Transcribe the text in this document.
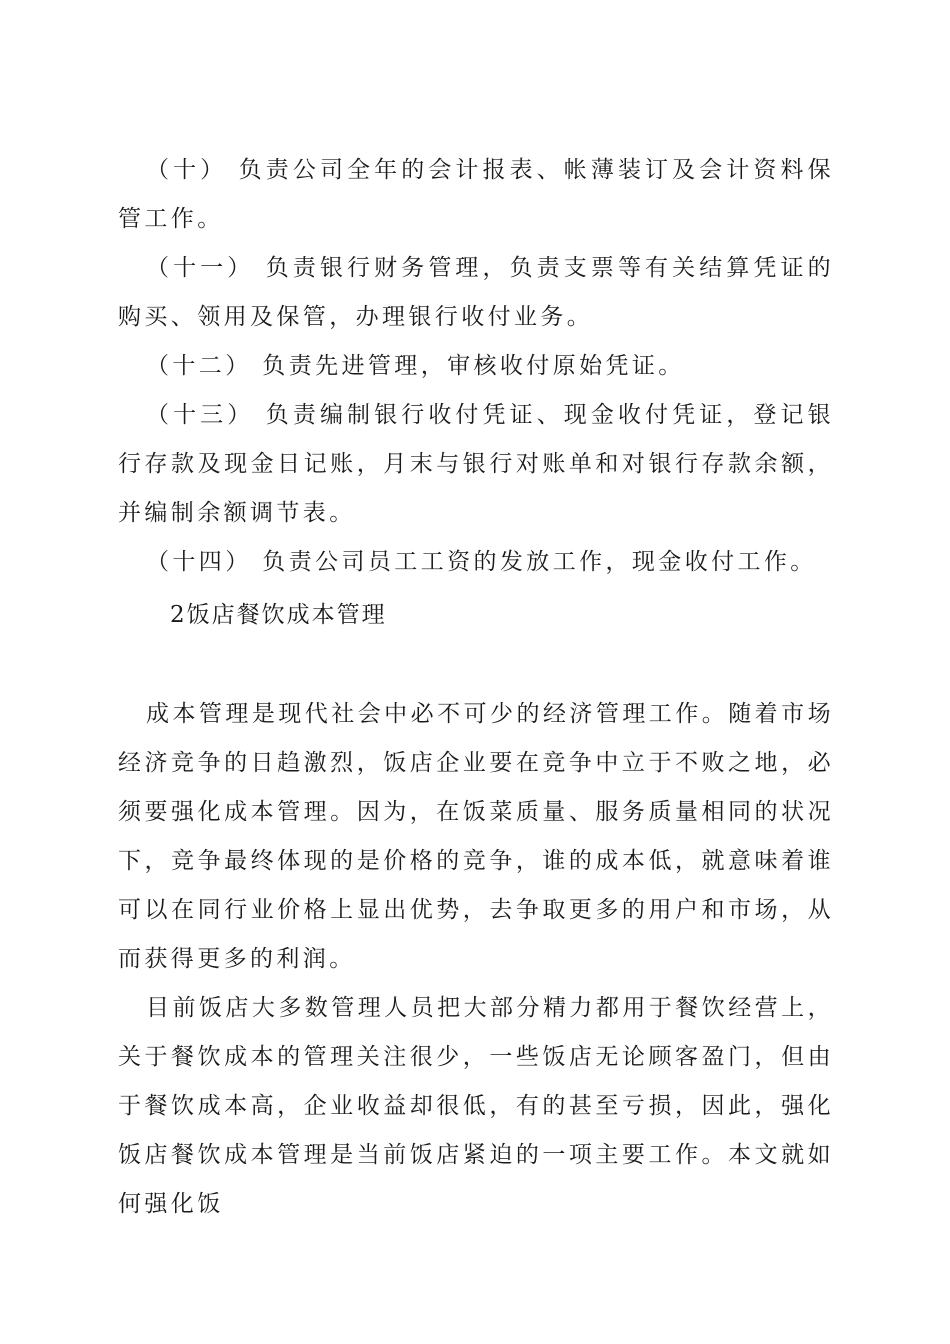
（十） 负责公司全年的会计报表、帐薄装订及会计资料保管工作。

（十一） 负责银行财务管理，负责支票等有关结算凭证的购买、领用及保管，办理银行收付业务。

（十二） 负责先进管理，审核收付原始凭证。

（十三） 负责编制银行收付凭证、现金收付凭证，登记银行存款及现金日记账，月末与银行对账单和对银行存款余额，并编制余额调节表。

（十四） 负责公司员工工资的发放工作，现金收付工作。

2饭店餐饮成本管理

成本管理是现代社会中必不可少的经济管理工作。随着市场经济竞争的日趋激烈，饭店企业要在竞争中立于不败之地，必须要强化成本管理。因为，在饭菜质量、服务质量相同的状况下，竞争最终体现的是价格的竞争，谁的成本低，就意味着谁可以在同行业价格上显出优势，去争取更多的用户和市场，从而获得更多的利润。

目前饭店大多数管理人员把大部分精力都用于餐饮经营上，关于餐饮成本的管理关注很少，一些饭店无论顾客盈门，但由于餐饮成本高，企业收益却很低，有的甚至亏损，因此，强化饭店餐饮成本管理是当前饭店紧迫的一项主要工作。本文就如何强化饭
